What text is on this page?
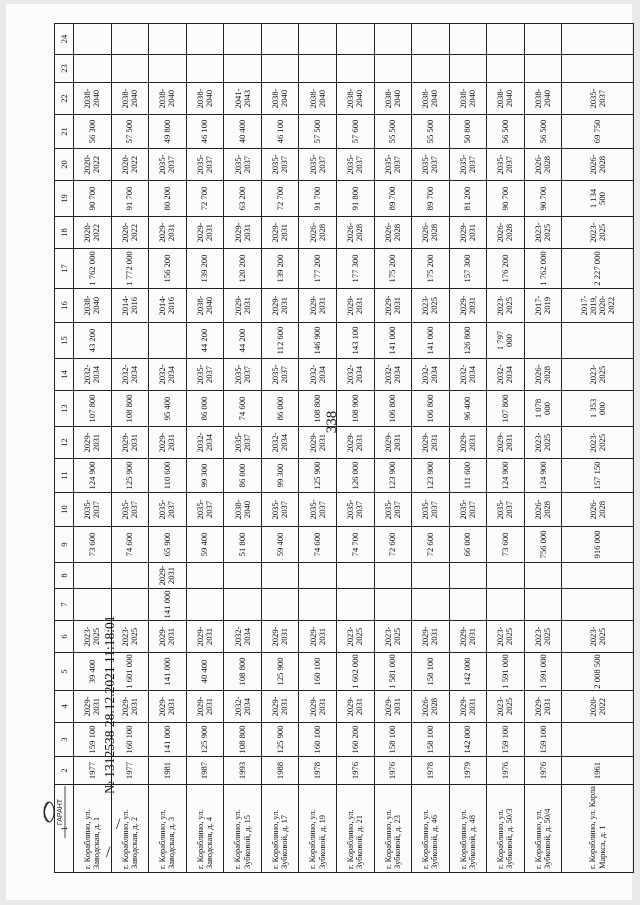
338
1	2	3	4	5	6	7	8	9	10	11	12	13	14	15	16	17	18	19	20	21	22	23	24
г. Кораблино, ул. Заводская, д. 1	1977	159 100	2029-2031	39 400	2023-2025			73 600	2035-2037	124 900	2029-2031	107 800	2032-2034	43 200	2038-2040	1 762 000	2020-2022	90 700	2020-2022	56 300	2038-2040		
г. Кораблино, ул. Заводская, д. 2	1977	160 100	2029-2031	1 601 000	2023-2025			74 600	2035-2037	125 900	2029-2031	108 800	2032-2034		2014-2016	1 772 000	2020-2022	91 700	2020-2022	57 500	2038-2040		
г. Кораблино, ул. Заводская, д. 3	1981	141 000	2029-2031	141 000	2029-2031	141 000	2029-2031	65 900	2035-2037	110 600	2029-2031	95 400	2032-2034		2014-2016	156 200	2029-2031	80 200	2035-2037	49 800	2038-2040		
г. Кораблино, ул. Заводская, д. 4	1987	125 900	2029-2031	40 400	2029-2031			59 400	2035-2037	99 300	2032-2034	86 000	2035-2037	44 200	2038-2040	139 200	2029-2031	72 700	2035-2037	46 100	2038-2040		
г. Кораблино, ул. Зубковой, д. 15	1993	108 800	2032-2034	108 800	2032-2034			51 800	2038-2040	86 000	2035-2037	74 600	2035-2037	44 200	2029-2031	120 200	2029-2031	63 200	2035-2037	40 400	2041-2043		
г. Кораблино, ул. Зубковой, д. 17	1988	125 900	2029-2031	125 900	2029-2031			59 400	2035-2037	99 300	2032-2034	86 000	2035-2037	112 600	2029-2031	139 200	2029-2031	72 700	2035-2037	46 100	2038-2040		
г. Кораблино, ул. Зубковой, д. 19	1978	160 100	2029-2031	160 100	2029-2031			74 600	2035-2037	125 900	2029-2031	108 800	2032-2034	146 900	2029-2031	177 200	2026-2028	91 700	2035-2037	57 500	2038-2040		
г. Кораблино, ул. Зубковой, д. 21	1976	160 200	2029-2031	1 602 000	2023-2025			74 700	2035-2037	126 000	2029-2031	108 900	2032-2034	143 100	2029-2031	177 300	2026-2028	91 800	2035-2037	57 600	2038-2040		
г. Кораблино, ул. Зубковой, д. 23	1976	158 100	2029-2031	1 581 000	2023-2025			72 600	2035-2037	123 900	2029-2031	106 800	2032-2034	141 000	2029-2031	175 200	2026-2028	89 700	2035-2037	55 500	2038-2040		
г. Кораблино, ул. Зубковой, д. 46	1978	158 100	2026-2028	158 100	2029-2031			72 600	2035-2037	123 900	2029-2031	106 800	2032-2034	141 000	2023-2025	175 200	2026-2028	89 700	2035-2037	55 500	2038-2040		
г. Кораблино, ул. Зубковой, д. 48	1979	142 000	2029-2031	142 000	2029-2031			66 000	2035-2037	111 600	2029-2031	96 400	2032-2034	126 800	2029-2031	157 300	2029-2031	81 200	2035-2037	50 800	2038-2040		
г. Кораблино, ул. Зубковой, д. 50/3	1976	159 100	2023-2025	1 591 000	2023-2025			73 600	2035-2037	124 900	2029-2031	107 800	2032-2034	1 797 000	2023-2025	176 200	2026-2028	90 700	2035-2037	56 500	2038-2040		
г. Кораблино, ул. Зубковой, д. 50/4	1976	159 100	2029-2031	1 591 000	2023-2025			756 000	2026-2028	124 900	2023-2025	1 078 000	2026-2028		2017-2019	1 762 000	2023-2025	90 700	2026-2028	56 500	2038-2040		
г. Кораблино, ул. Карла Маркса, д. 1	1961		2020-2022	2 008 500	2023-2025			916 000	2026-2028	157 150	2023-2025	1 353 000	2023-2025		2017-2019, 2020-2022	2 227 000	2023-2025	1 134 500	2026-2028	69 750	2035-2037		
№ 1312538 28.12.2021 11:18:01
ГАРАНТ	/
/
